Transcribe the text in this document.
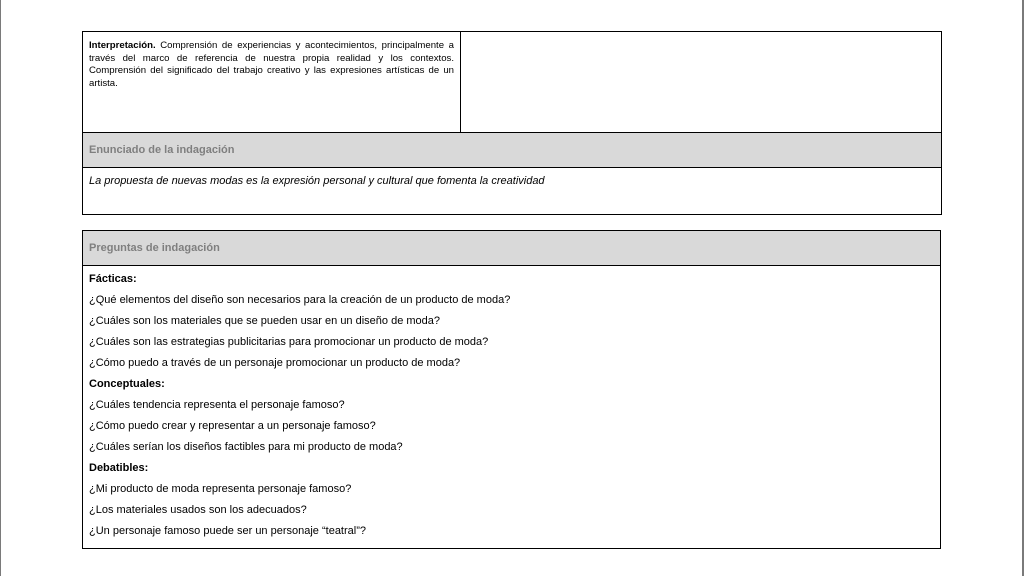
Interpretación. Comprensión de experiencias y acontecimientos, principalmente a través del marco de referencia de nuestra propia realidad y los contextos. Comprensión del significado del trabajo creativo y las expresiones artísticas de un artista.	
Enunciado de la indagación
La propuesta de nuevas modas es la expresión personal y cultural que fomenta la creatividad
Preguntas de indagación

Fácticas:
¿Qué elementos del diseño son necesarios para la creación de un producto de moda?
¿Cuáles son los materiales que se pueden usar en un diseño de moda?
¿Cuáles son las estrategias publicitarias para promocionar un producto de moda?
¿Cómo puedo a través de un personaje promocionar un producto de moda?
Conceptuales:
¿Cuáles tendencia representa el personaje famoso?
¿Cómo puedo crear y representar a un personaje famoso?
¿Cuáles serían los diseños factibles para mi producto de moda?
Debatibles:
¿Mi producto de moda representa personaje famoso?
¿Los materiales usados son los adecuados?
¿Un personaje famoso puede ser un personaje “teatral”?
